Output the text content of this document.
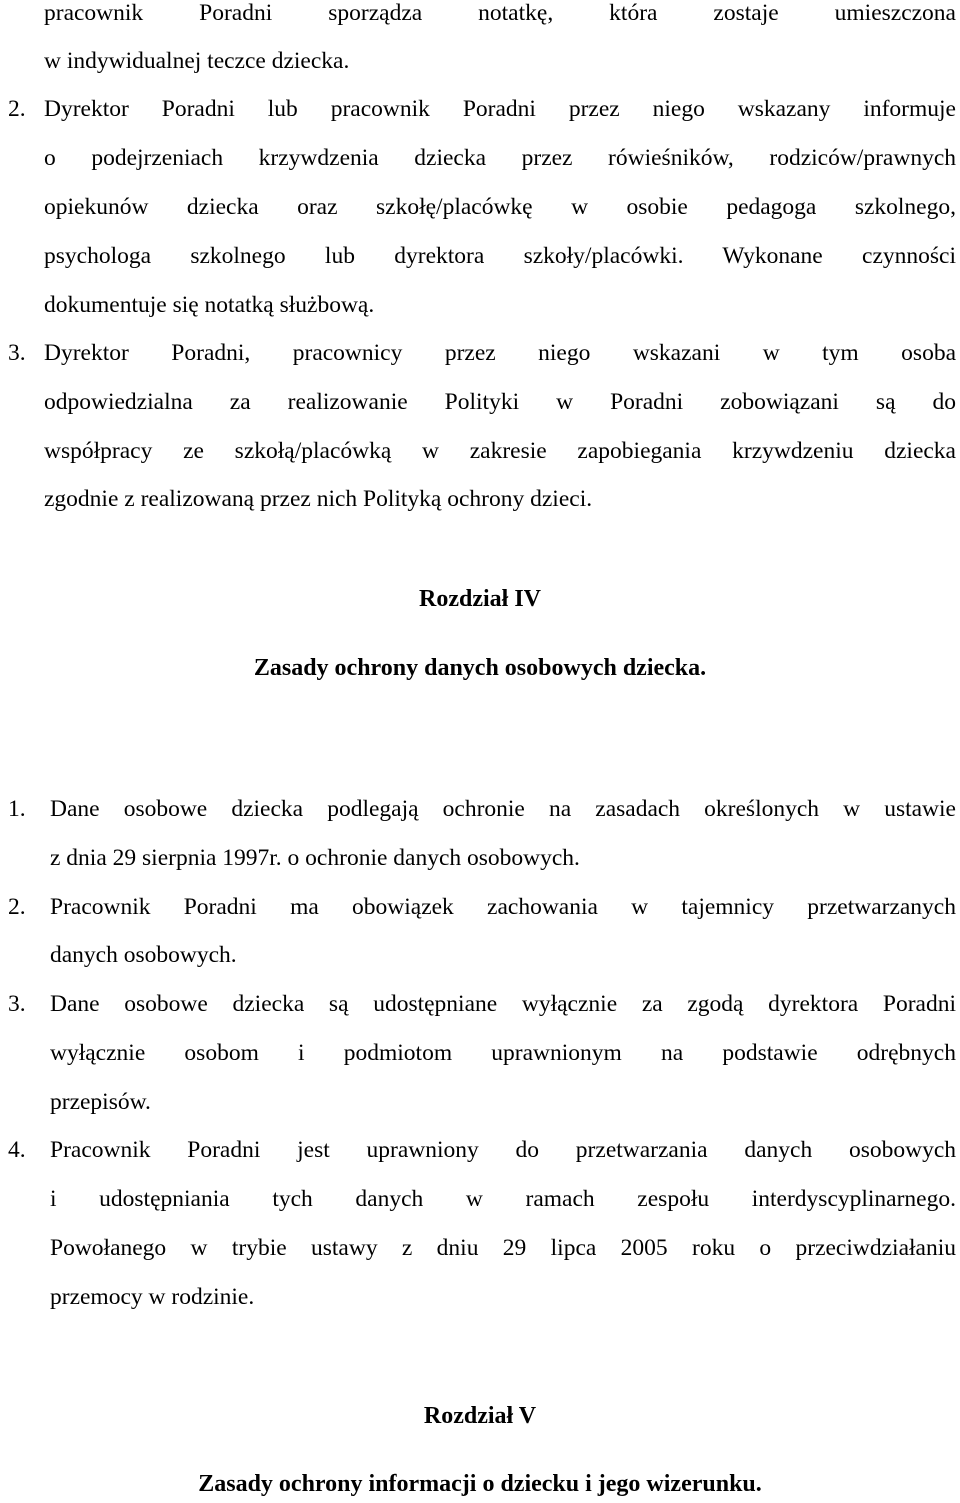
pracownik Poradni sporządza notatkę, która zostaje umieszczona

w indywidualnej teczce dziecka.

2. Dyrektor Poradni lub pracownik Poradni przez niego wskazany informuje

o podejrzeniach krzywdzenia dziecka przez rówieśników, rodziców/prawnych

opiekunów dziecka oraz szkołę/placówkę w osobie pedagoga szkolnego,

psychologa szkolnego lub dyrektora szkoły/placówki. Wykonane czynności

dokumentuje się notatką służbową.

3. Dyrektor Poradni, pracownicy przez niego wskazani w tym osoba

odpowiedzialna za realizowanie Polityki w Poradni zobowiązani są do

współpracy ze szkołą/placówką w zakresie zapobiegania krzywdzeniu dziecka

zgodnie z realizowaną przez nich Polityką ochrony dzieci.

Rozdział IV
Zasady ochrony danych osobowych dziecka.
1. Dane osobowe dziecka podlegają ochronie na zasadach określonych w ustawie

z dnia 29 sierpnia 1997r. o ochronie danych osobowych.

2. Pracownik Poradni ma obowiązek zachowania w tajemnicy przetwarzanych

danych osobowych.

3. Dane osobowe dziecka są udostępniane wyłącznie za zgodą dyrektora Poradni

wyłącznie osobom i podmiotom uprawnionym na podstawie odrębnych

przepisów.

4. Pracownik Poradni jest uprawniony do przetwarzania danych osobowych

i udostępniania tych danych w ramach zespołu interdyscyplinarnego.

Powołanego w trybie ustawy z dniu 29 lipca 2005 roku o przeciwdziałaniu

przemocy w rodzinie.

Rozdział V
Zasady ochrony informacji o dziecku i jego wizerunku.
